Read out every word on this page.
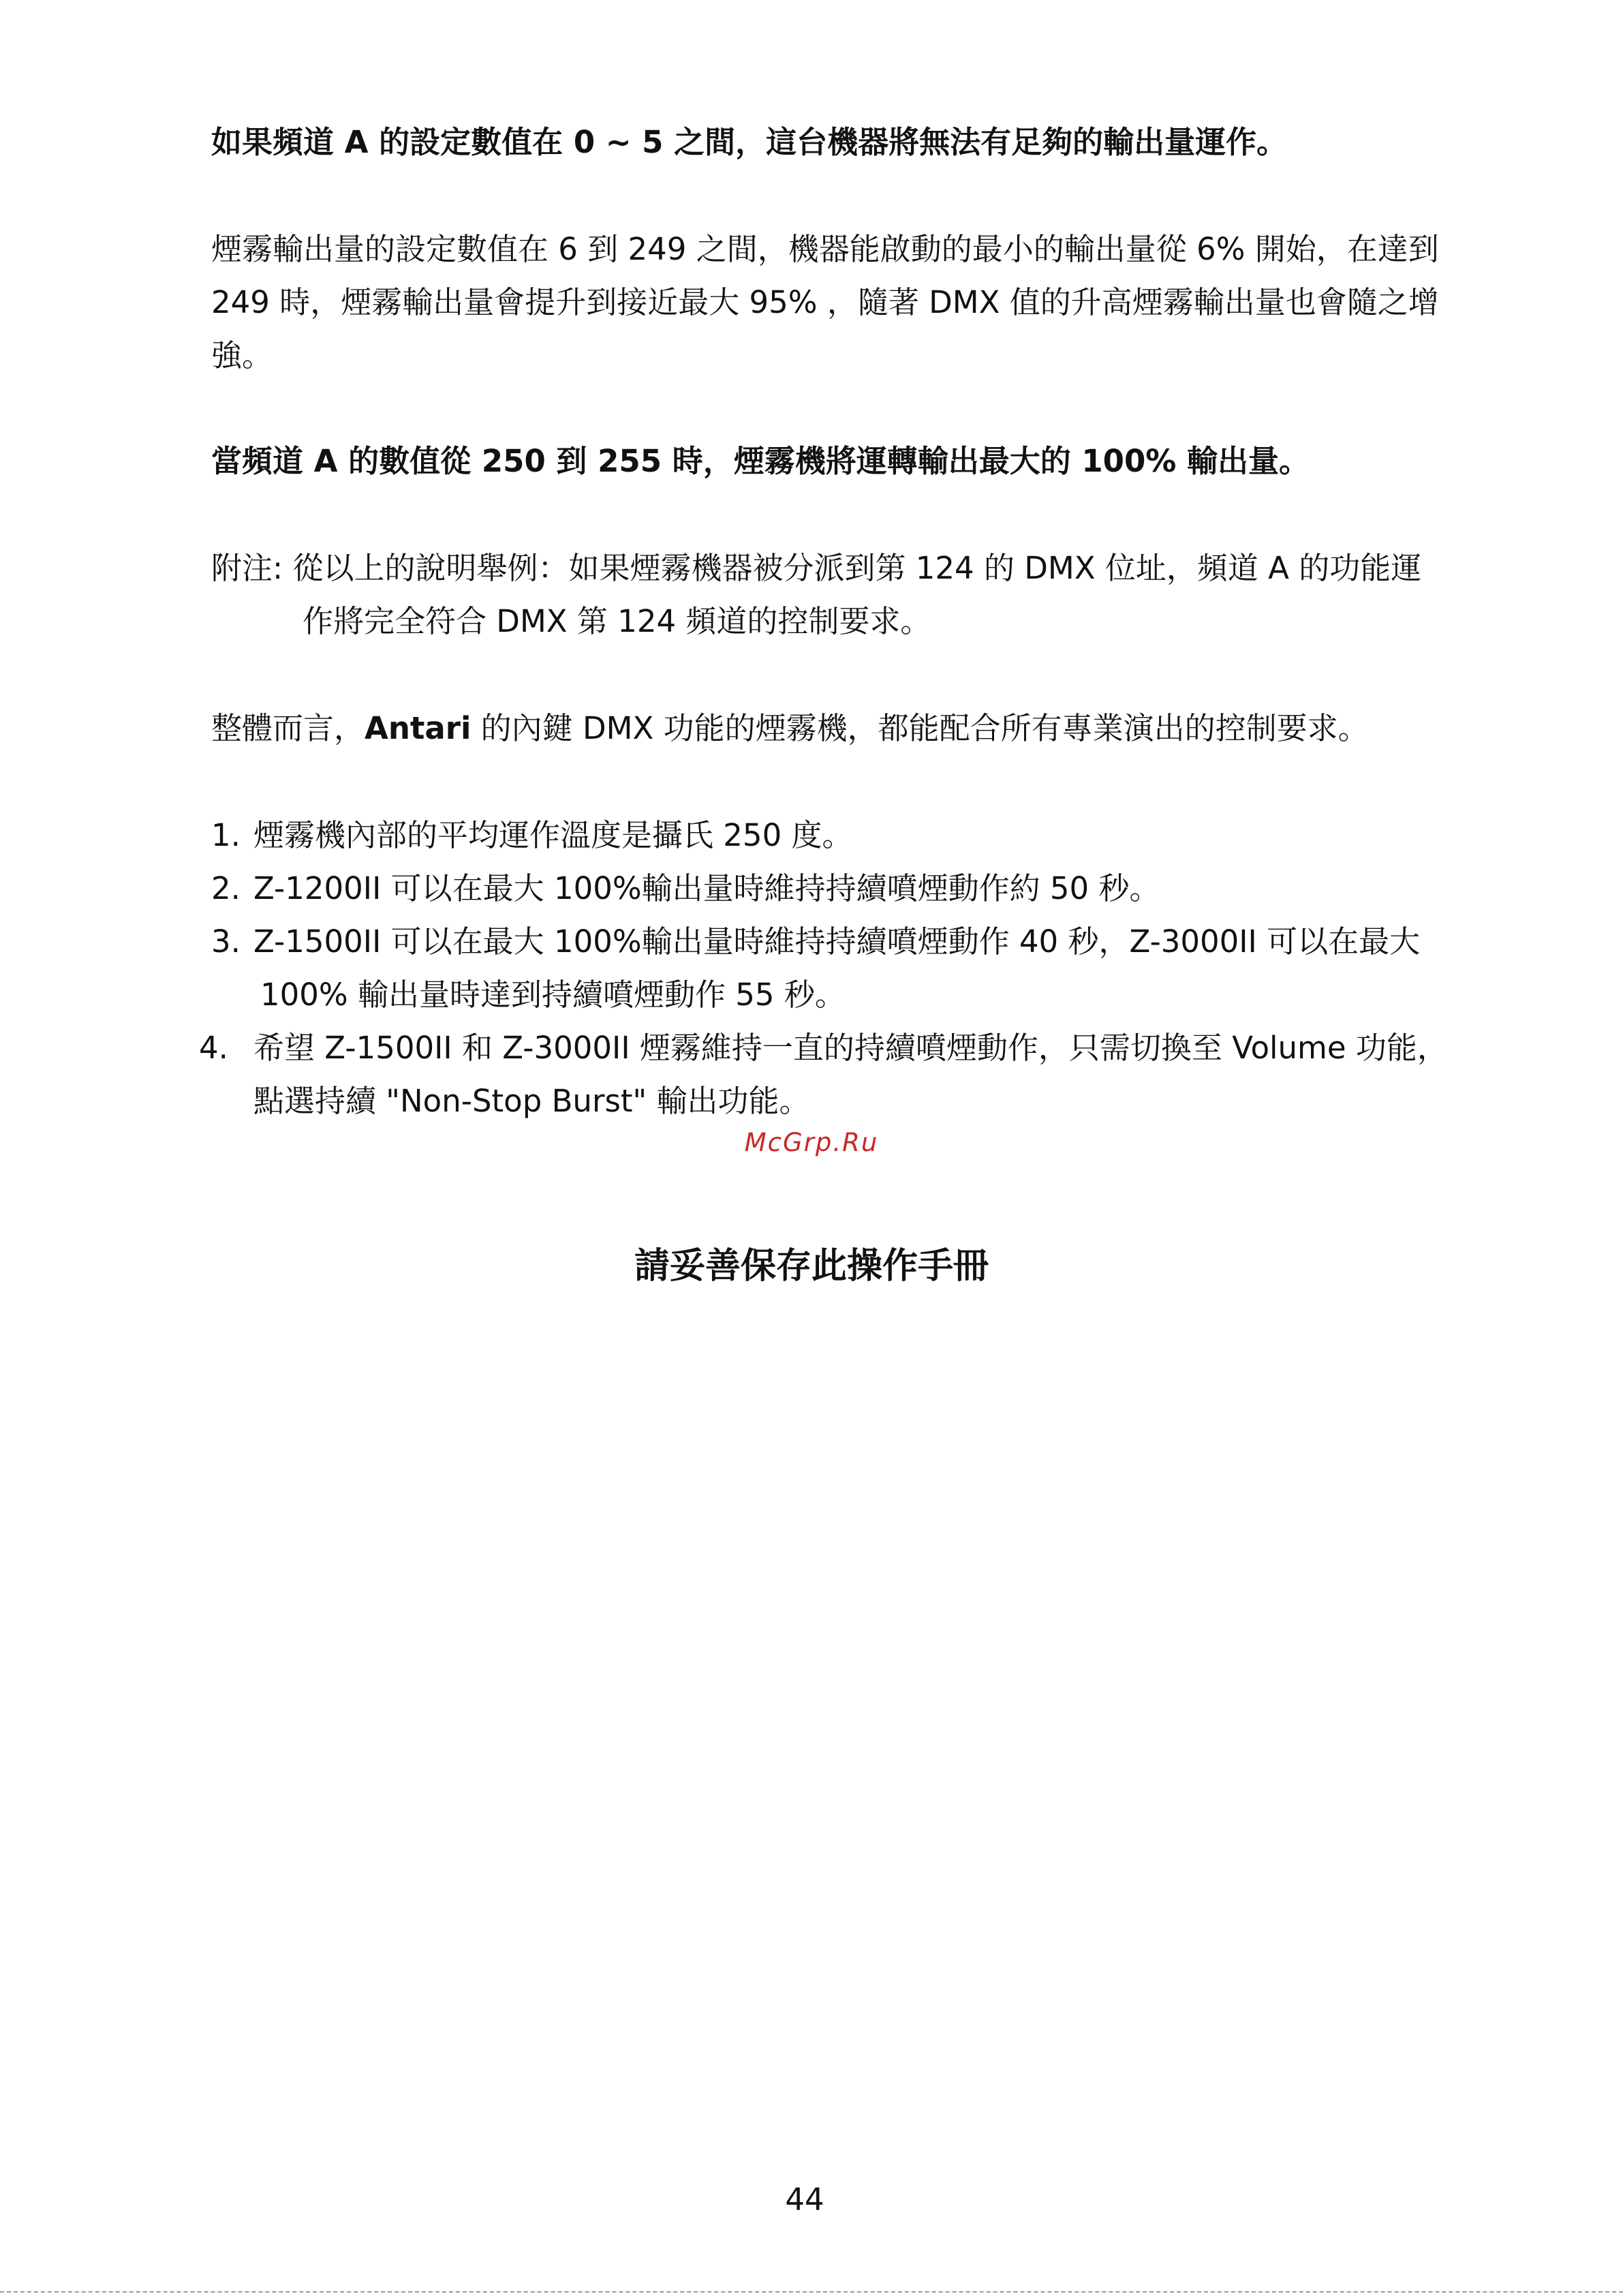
如果頻道 A 的設定數值在 0 ~ 5 之間，這台機器將無法有足夠的輸出量運作。
煙霧輸出量的設定數值在 6 到 249 之間，機器能啟動的最小的輸出量從 6% 開始，在達到
249 時，煙霧輸出量會提升到接近最大 95% ，隨著 DMX 值的升高煙霧輸出量也會隨之增
強。
當頻道 A 的數值從 250 到 255 時，煙霧機將運轉輸出最大的 100% 輸出量。
附注: 從以上的說明舉例：如果煙霧機器被分派到第 124 的 DMX 位址，頻道 A 的功能運
作將完全符合 DMX 第 124 頻道的控制要求。
整體而言，Antari 的內鍵 DMX 功能的煙霧機，都能配合所有專業演出的控制要求。
1. 煙霧機內部的平均運作溫度是攝氏 250 度。
2. Z-1200II 可以在最大 100%輸出量時維持持續噴煙動作約 50 秒。
3. Z-1500II 可以在最大 100%輸出量時維持持續噴煙動作 40 秒，Z-3000II 可以在最大
100% 輸出量時達到持續噴煙動作 55 秒。
4. 希望 Z-1500II 和 Z-3000II 煙霧維持一直的持續噴煙動作，只需切換至 Volume 功能，
點選持續 "Non-Stop Burst" 輸出功能。
McGrp.Ru
請妥善保存此操作手冊
44
